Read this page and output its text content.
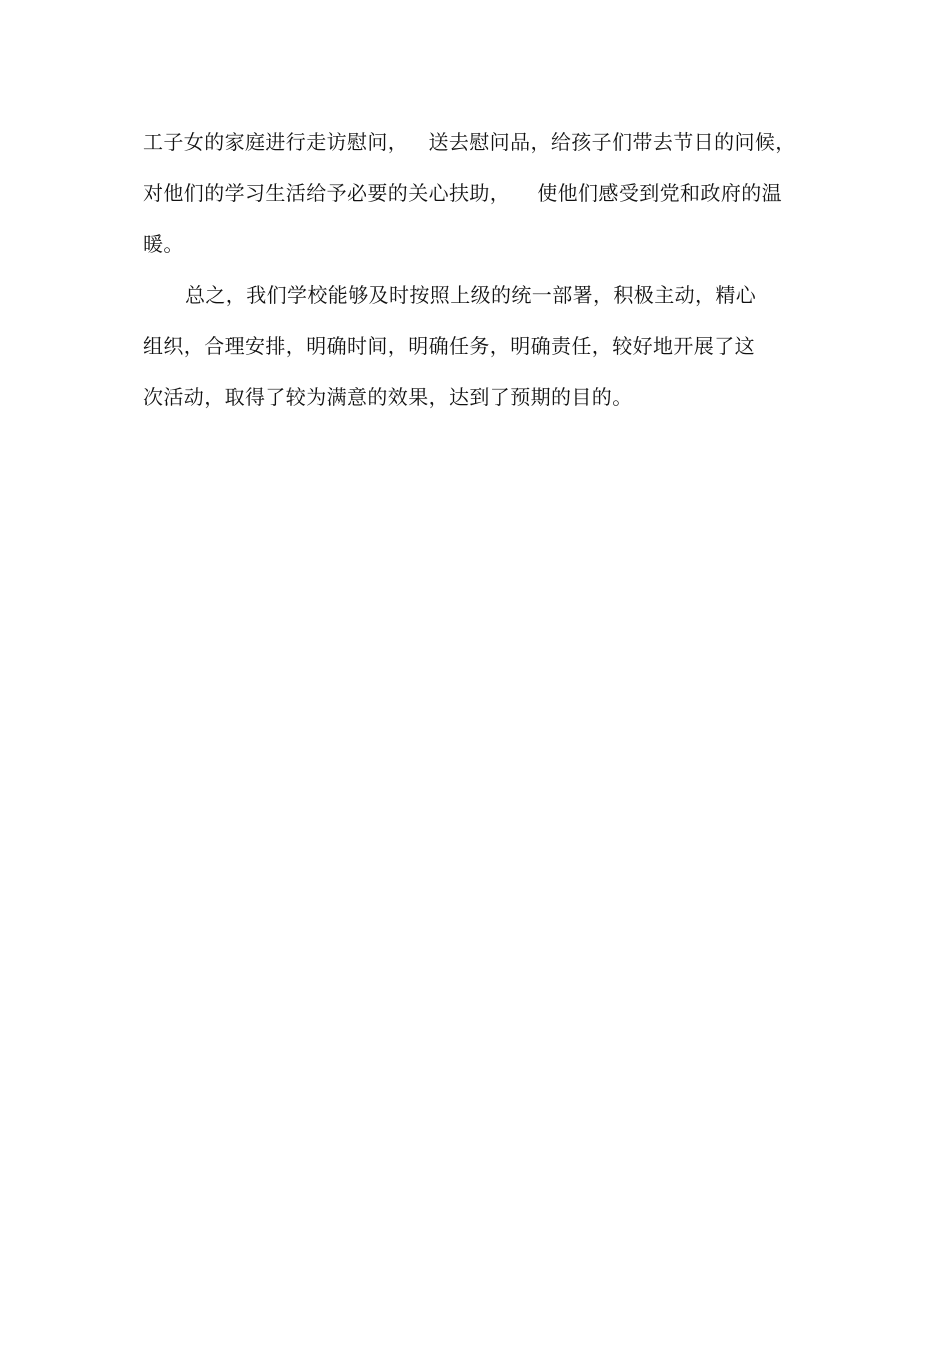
工子女的家庭进行走访慰问，   送去慰问品，给孩子们带去节日的问候，
对他们的学习生活给予必要的关心扶助，    使他们感受到党和政府的温
暖。
总之，我们学校能够及时按照上级的统一部署，积极主动，精心
组织，合理安排，明确时间，明确任务，明确责任，较好地开展了这
次活动，取得了较为满意的效果，达到了预期的目的。
